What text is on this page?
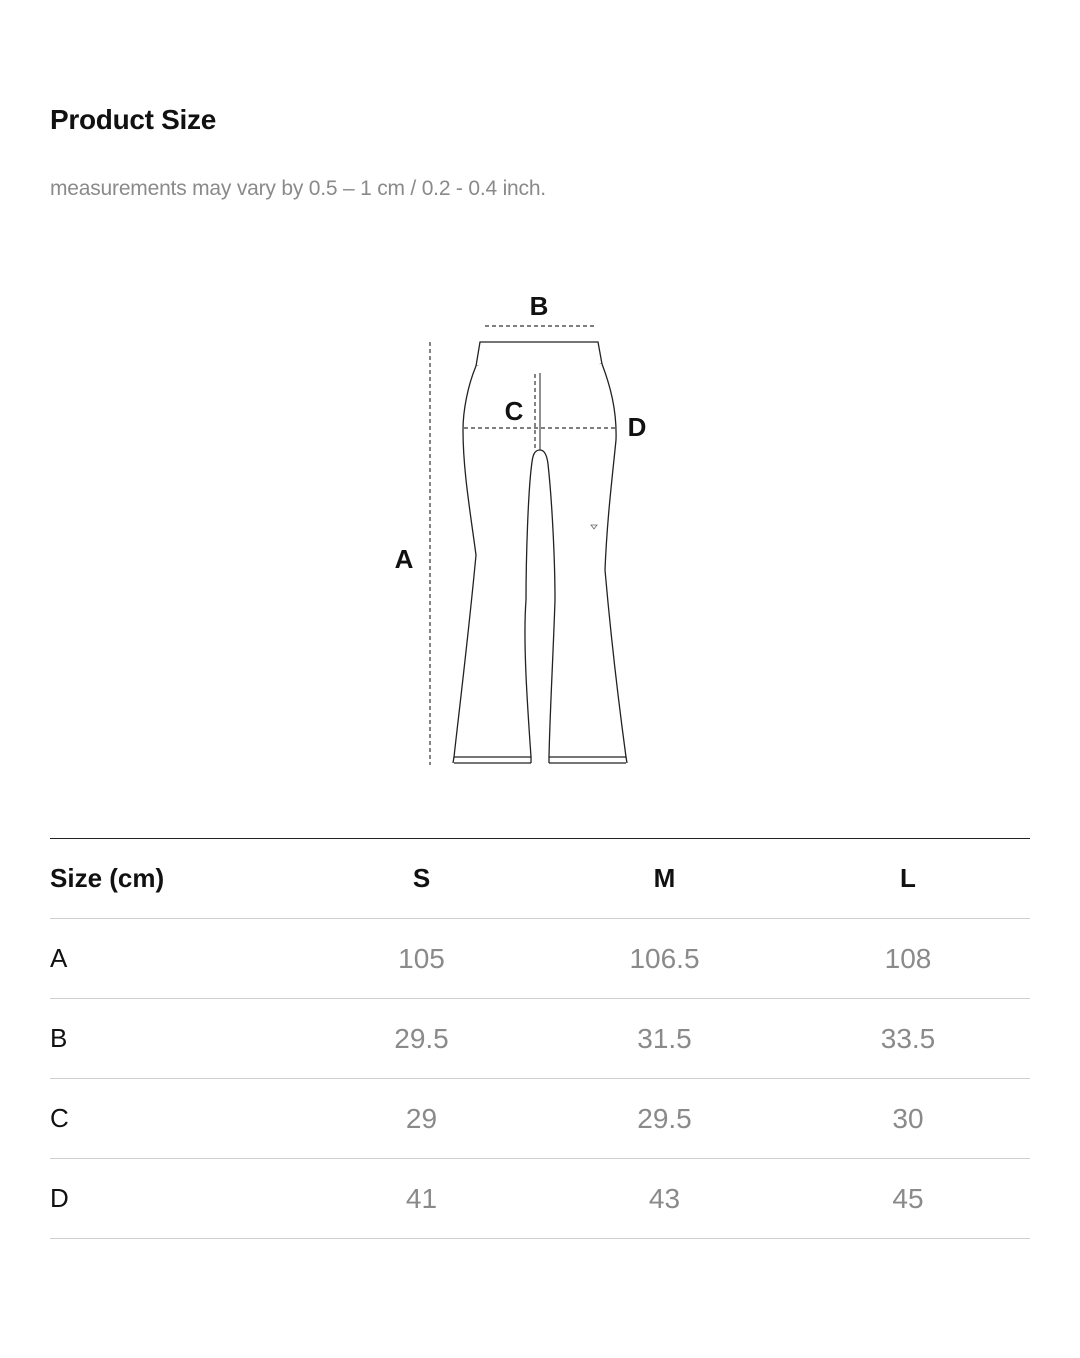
Product Size

measurements may vary by 0.5 – 1 cm / 0.2 - 0.4 inch.

A
B
C
D
Size (cm)	S	M	L
A	105	106.5	108
B	29.5	31.5	33.5
C	29	29.5	30
D	41	43	45
